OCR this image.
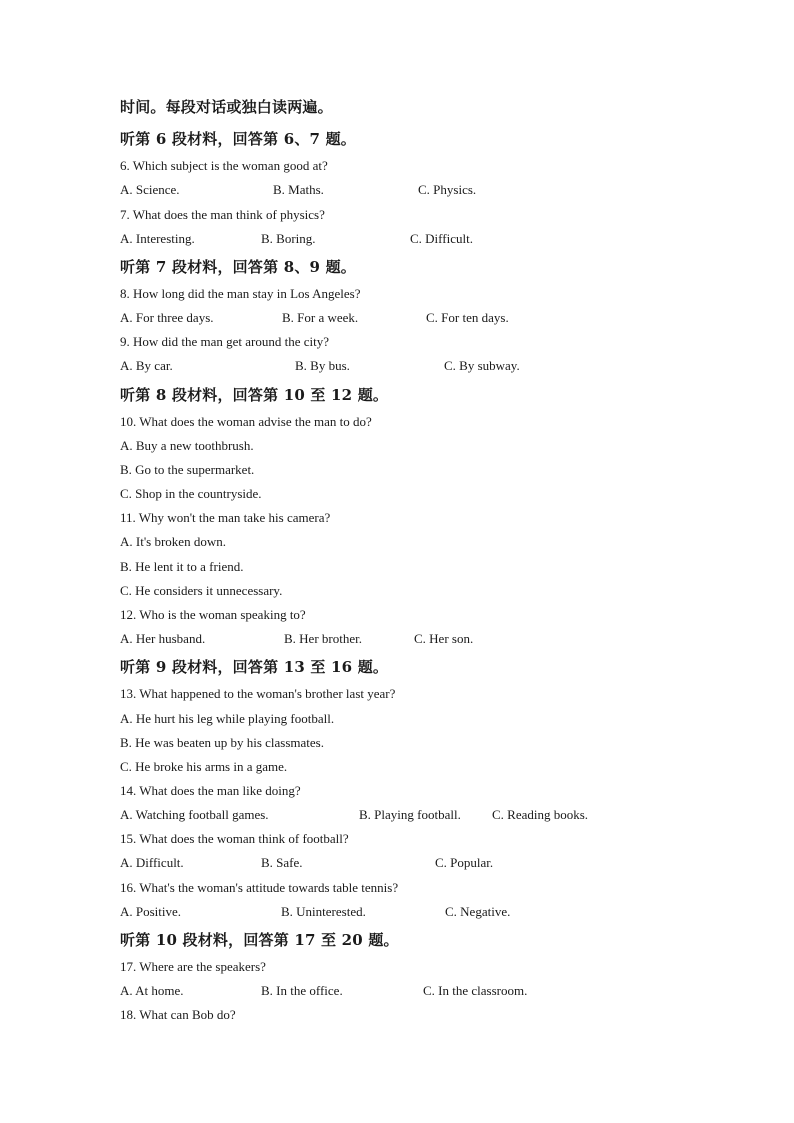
时间。每段对话或独白读两遍。
听第 6 段材料，回答第 6、7 题。
6. Which subject is the woman good at?
A. Science.	B. Maths.	C. Physics.
7. What does the man think of physics?
A. Interesting.	B. Boring.	C. Difficult.
听第 7 段材料，回答第 8、9 题。
8. How long did the man stay in Los Angeles?
A. For three days.	B. For a week.	C. For ten days.
9. How did the man get around the city?
A. By car.	B. By bus.	C. By subway.
听第 8 段材料，回答第 10 至 12 题。
10. What does the woman advise the man to do?
A. Buy a new toothbrush.
B. Go to the supermarket.
C. Shop in the countryside.
11. Why won't the man take his camera?
A. It's broken down.
B. He lent it to a friend.
C. He considers it unnecessary.
12. Who is the woman speaking to?
A. Her husband.	B. Her brother.	C. Her son.
听第 9 段材料，回答第 13 至 16 题。
13. What happened to the woman's brother last year?
A. He hurt his leg while playing football.
B. He was beaten up by his classmates.
C. He broke his arms in a game.
14. What does the man like doing?
A. Watching football games.	B. Playing football. C. Reading books.
15. What does the woman think of football?
A. Difficult.	B. Safe.	C. Popular.
16. What's the woman's attitude towards table tennis?
A. Positive.	B. Uninterested.	C. Negative.
听第 10 段材料，回答第 17 至 20 题。
17. Where are the speakers?
A. At home.	B. In the office.	C. In the classroom.
18. What can Bob do?
